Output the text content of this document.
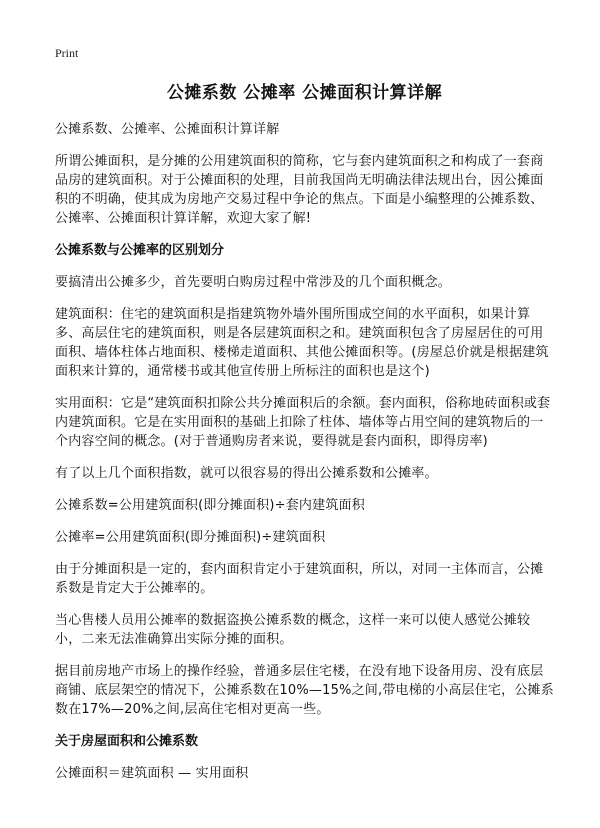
Print

公摊系数 公摊率 公摊面积计算详解

公摊系数、公摊率、公摊面积计算详解

所谓公摊面积，是分摊的公用建筑面积的简称，它与套内建筑面积之和构成了一套商品房的建筑面积。对于公摊面积的处理，目前我国尚无明确法律法规出台，因公摊面积的不明确，使其成为房地产交易过程中争论的焦点。下面是小编整理的公摊系数、公摊率、公摊面积计算详解，欢迎大家了解!

公摊系数与公摊率的区别划分

要搞清出公摊多少，首先要明白购房过程中常涉及的几个面积概念。

建筑面积：住宅的建筑面积是指建筑物外墙外围所围成空间的水平面积，如果计算多、高层住宅的建筑面积，则是各层建筑面积之和。建筑面积包含了房屋居住的可用面积、墙体柱体占地面积、楼梯走道面积、其他公摊面积等。(房屋总价就是根据建筑面积来计算的，通常楼书或其他宣传册上所标注的面积也是这个)

实用面积：它是“建筑面积扣除公共分摊面积后的余额。套内面积，俗称地砖面积或套内建筑面积。它是在实用面积的基础上扣除了柱体、墙体等占用空间的建筑物后的一个内容空间的概念。(对于普通购房者来说，要得就是套内面积，即得房率)

有了以上几个面积指数，就可以很容易的得出公摊系数和公摊率。

公摊系数=公用建筑面积(即分摊面积)÷套内建筑面积

公摊率=公用建筑面积(即分摊面积)÷建筑面积

由于分摊面积是一定的，套内面积肯定小于建筑面积，所以，对同一主体而言，公摊系数是肯定大于公摊率的。

当心售楼人员用公摊率的数据盗换公摊系数的概念，这样一来可以使人感觉公摊较小，二来无法准确算出实际分摊的面积。

据目前房地产市场上的操作经验，普通多层住宅楼，在没有地下设备用房、没有底层商铺、底层架空的情况下，公摊系数在10%—15%之间,带电梯的小高层住宅，公摊系数在17%—20%之间,层高住宅相对更高一些。

关于房屋面积和公摊系数

公摊面积＝建筑面积 — 实用面积
